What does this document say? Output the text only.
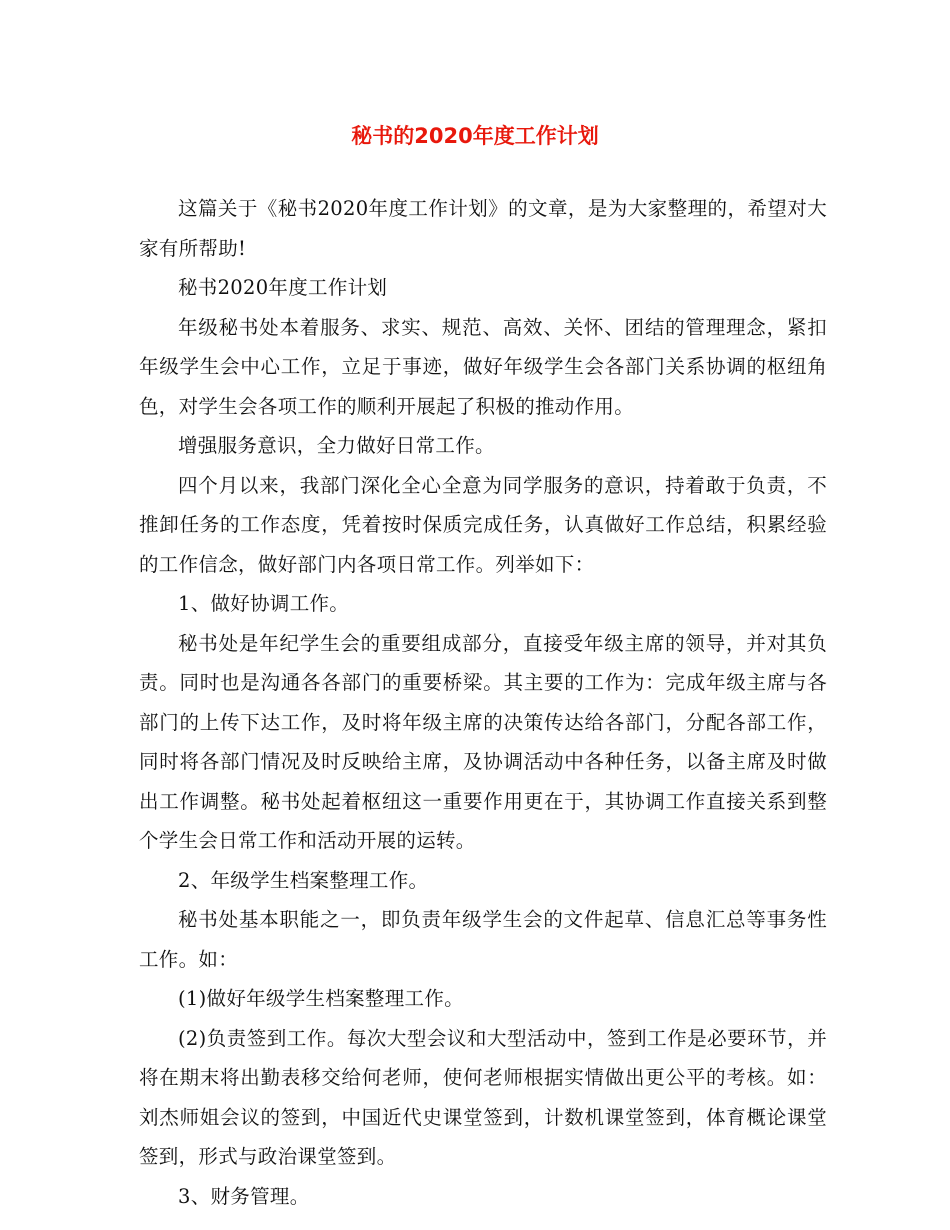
秘书的2020年度工作计划

这篇关于《秘书2020年度工作计划》的文章，是为大家整理的，希望对大家有所帮助!

秘书2020年度工作计划

年级秘书处本着服务、求实、规范、高效、关怀、团结的管理理念，紧扣年级学生会中心工作，立足于事迹，做好年级学生会各部门关系协调的枢纽角色，对学生会各项工作的顺利开展起了积极的推动作用。

增强服务意识，全力做好日常工作。

四个月以来，我部门深化全心全意为同学服务的意识，持着敢于负责，不推卸任务的工作态度，凭着按时保质完成任务，认真做好工作总结，积累经验的工作信念，做好部门内各项日常工作。列举如下：

1、做好协调工作。

秘书处是年纪学生会的重要组成部分，直接受年级主席的领导，并对其负责。同时也是沟通各各部门的重要桥梁。其主要的工作为：完成年级主席与各部门的上传下达工作，及时将年级主席的决策传达给各部门，分配各部工作，同时将各部门情况及时反映给主席，及协调活动中各种任务，以备主席及时做出工作调整。秘书处起着枢纽这一重要作用更在于，其协调工作直接关系到整个学生会日常工作和活动开展的运转。

2、年级学生档案整理工作。

秘书处基本职能之一，即负责年级学生会的文件起草、信息汇总等事务性工作。如：

(1)做好年级学生档案整理工作。

(2)负责签到工作。每次大型会议和大型活动中，签到工作是必要环节，并将在期末将出勤表移交给何老师，使何老师根据实情做出更公平的考核。如：刘杰师姐会议的签到，中国近代史课堂签到，计数机课堂签到，体育概论课堂签到，形式与政治课堂签到。

3、财务管理。
